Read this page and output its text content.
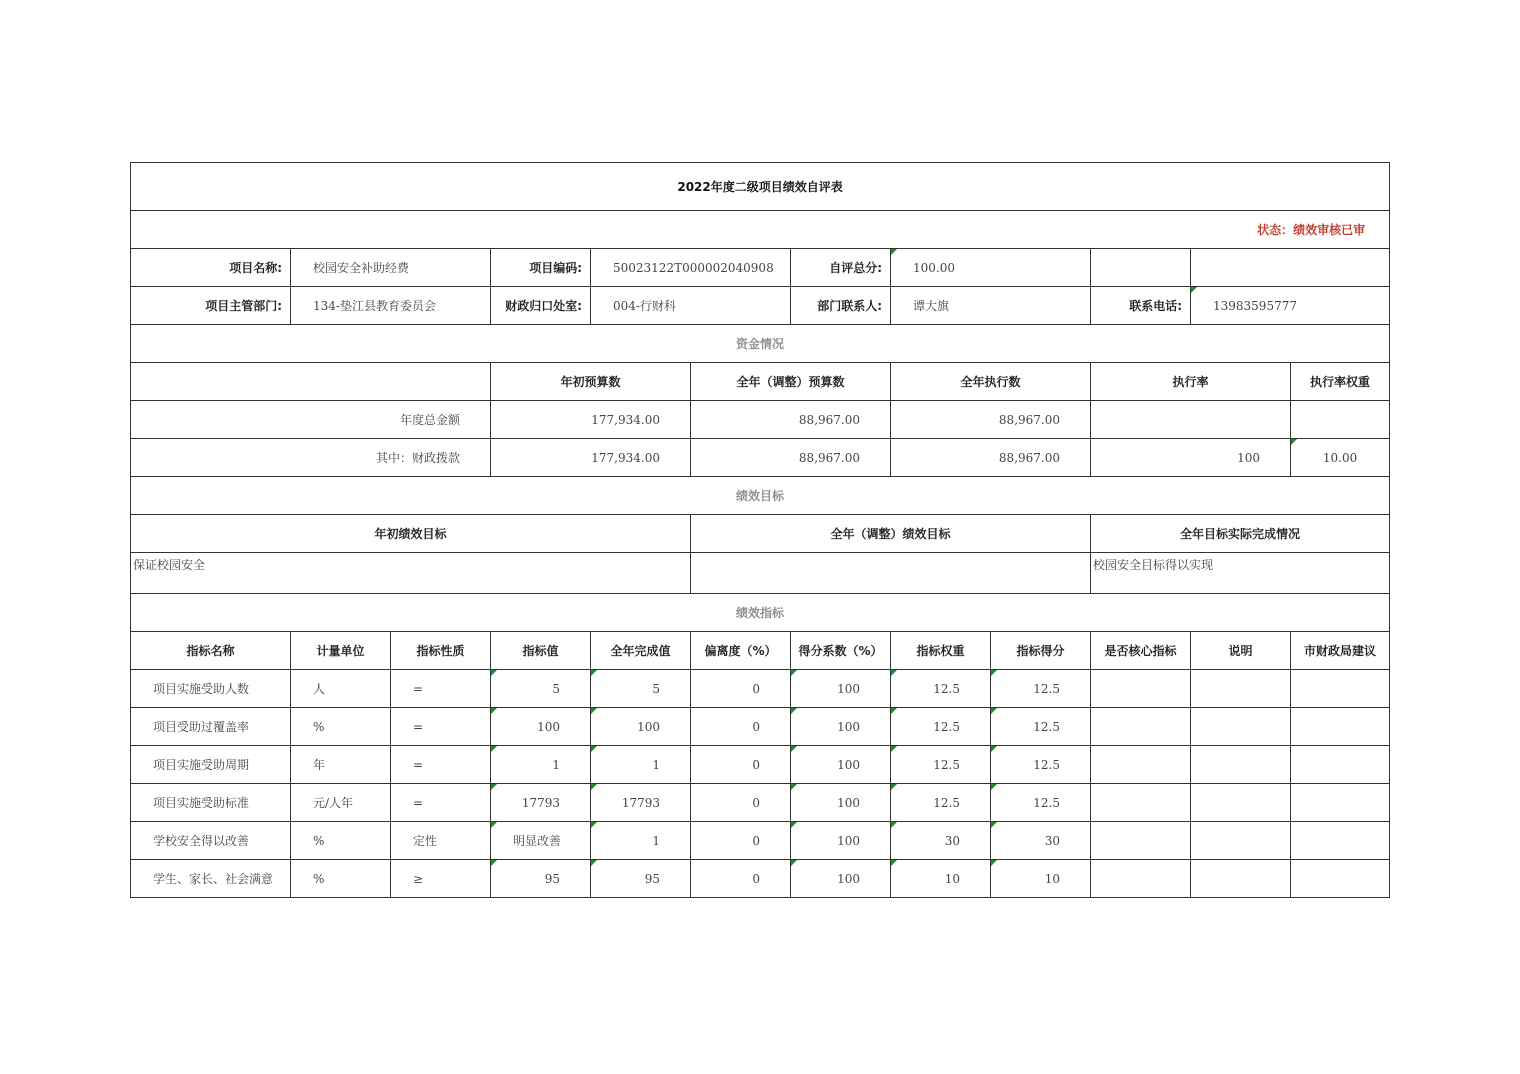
2022年度二级项目绩效自评表												
状态：绩效审核已审												
项目名称:	校园安全补助经费		项目编码:	50023122T000002040908		自评总分:	100.00					
项目主管部门:	134-垫江县教育委员会		财政归口处室:	004-行财科		部门联系人:	谭大旗		联系电话:	13983595777		
资金情况												
			年初预算数		全年（调整）预算数		全年执行数		执行率		执行率权重	
年度总金额			177,934.00		88,967.00		88,967.00					
其中：财政拨款			177,934.00		88,967.00		88,967.00		100		10.00	
绩效目标												
年初绩效目标					全年（调整）绩效目标				全年目标实际完成情况			
保证校园安全									校园安全目标得以实现			
绩效指标												
指标名称	计量单位	指标性质	指标值	全年完成值	偏离度（%）	得分系数（%）	指标权重	指标得分	是否核心指标	说明	市财政局建议	
项目实施受助人数	人	=	5	5	0	100	12.5	12.5				
项目受助过覆盖率	%	=	100	100	0	100	12.5	12.5				
项目实施受助周期	年	=	1	1	0	100	12.5	12.5				
项目实施受助标准	元/人年	=	17793	17793	0	100	12.5	12.5				
学校安全得以改善	%	定性	明显改善	1	0	100	30	30				
学生、家长、社会满意	%	≥	95	95	0	100	10	10				
